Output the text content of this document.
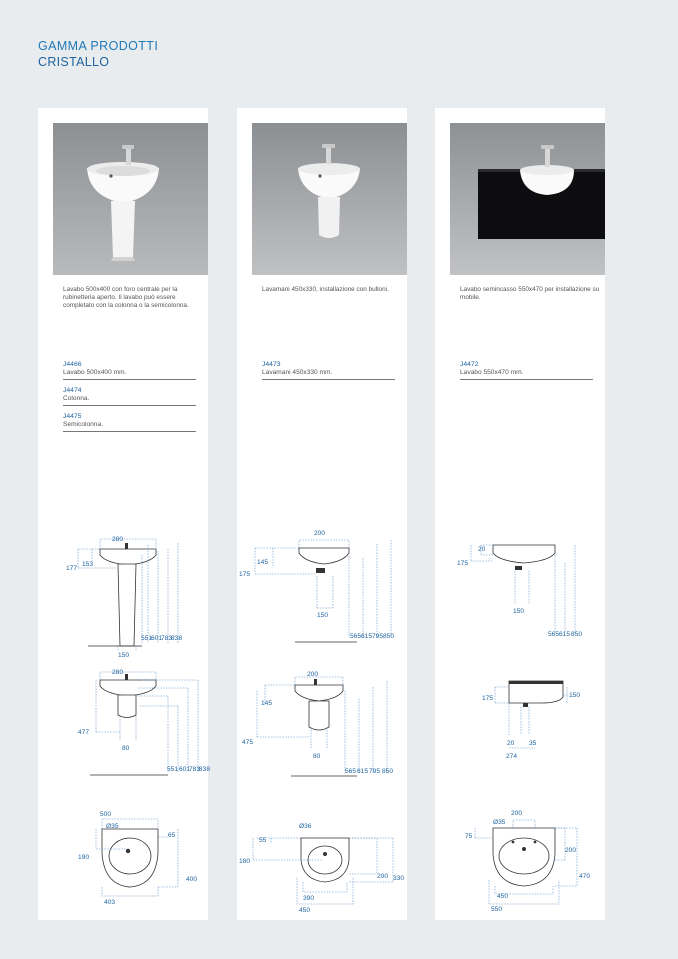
GAMMA PRODOTTI
CRISTALLO
Lavabo 500x400 con foro centrale per la rubinetteria aperto. Il lavabo può essere completato con la colonna o la semicolonna.
J4466
Lavabo 500x400 mm.
J4474
Colonna.
J4475
Semicolonna.
280
177
153
551
601
783
838
150
280
477
80
551 601
783
838
500
Ø35
65
190
400
403
Lavamani 450x330, installazione con bulloni.
J4473
Lavamani 450x330 mm.
200
175
145
150
565 615 795 850
200
145
475
80
565 615 795 850
Ø36
55
180
200 330
390
450
Lavabo semincasso 550x470 per installazione su mobile.
J4472
Lavabo 550x470 mm.
20
175
150
565 615 850
175	150
20 35
274
200
Ø35
75
200
470
450
550
